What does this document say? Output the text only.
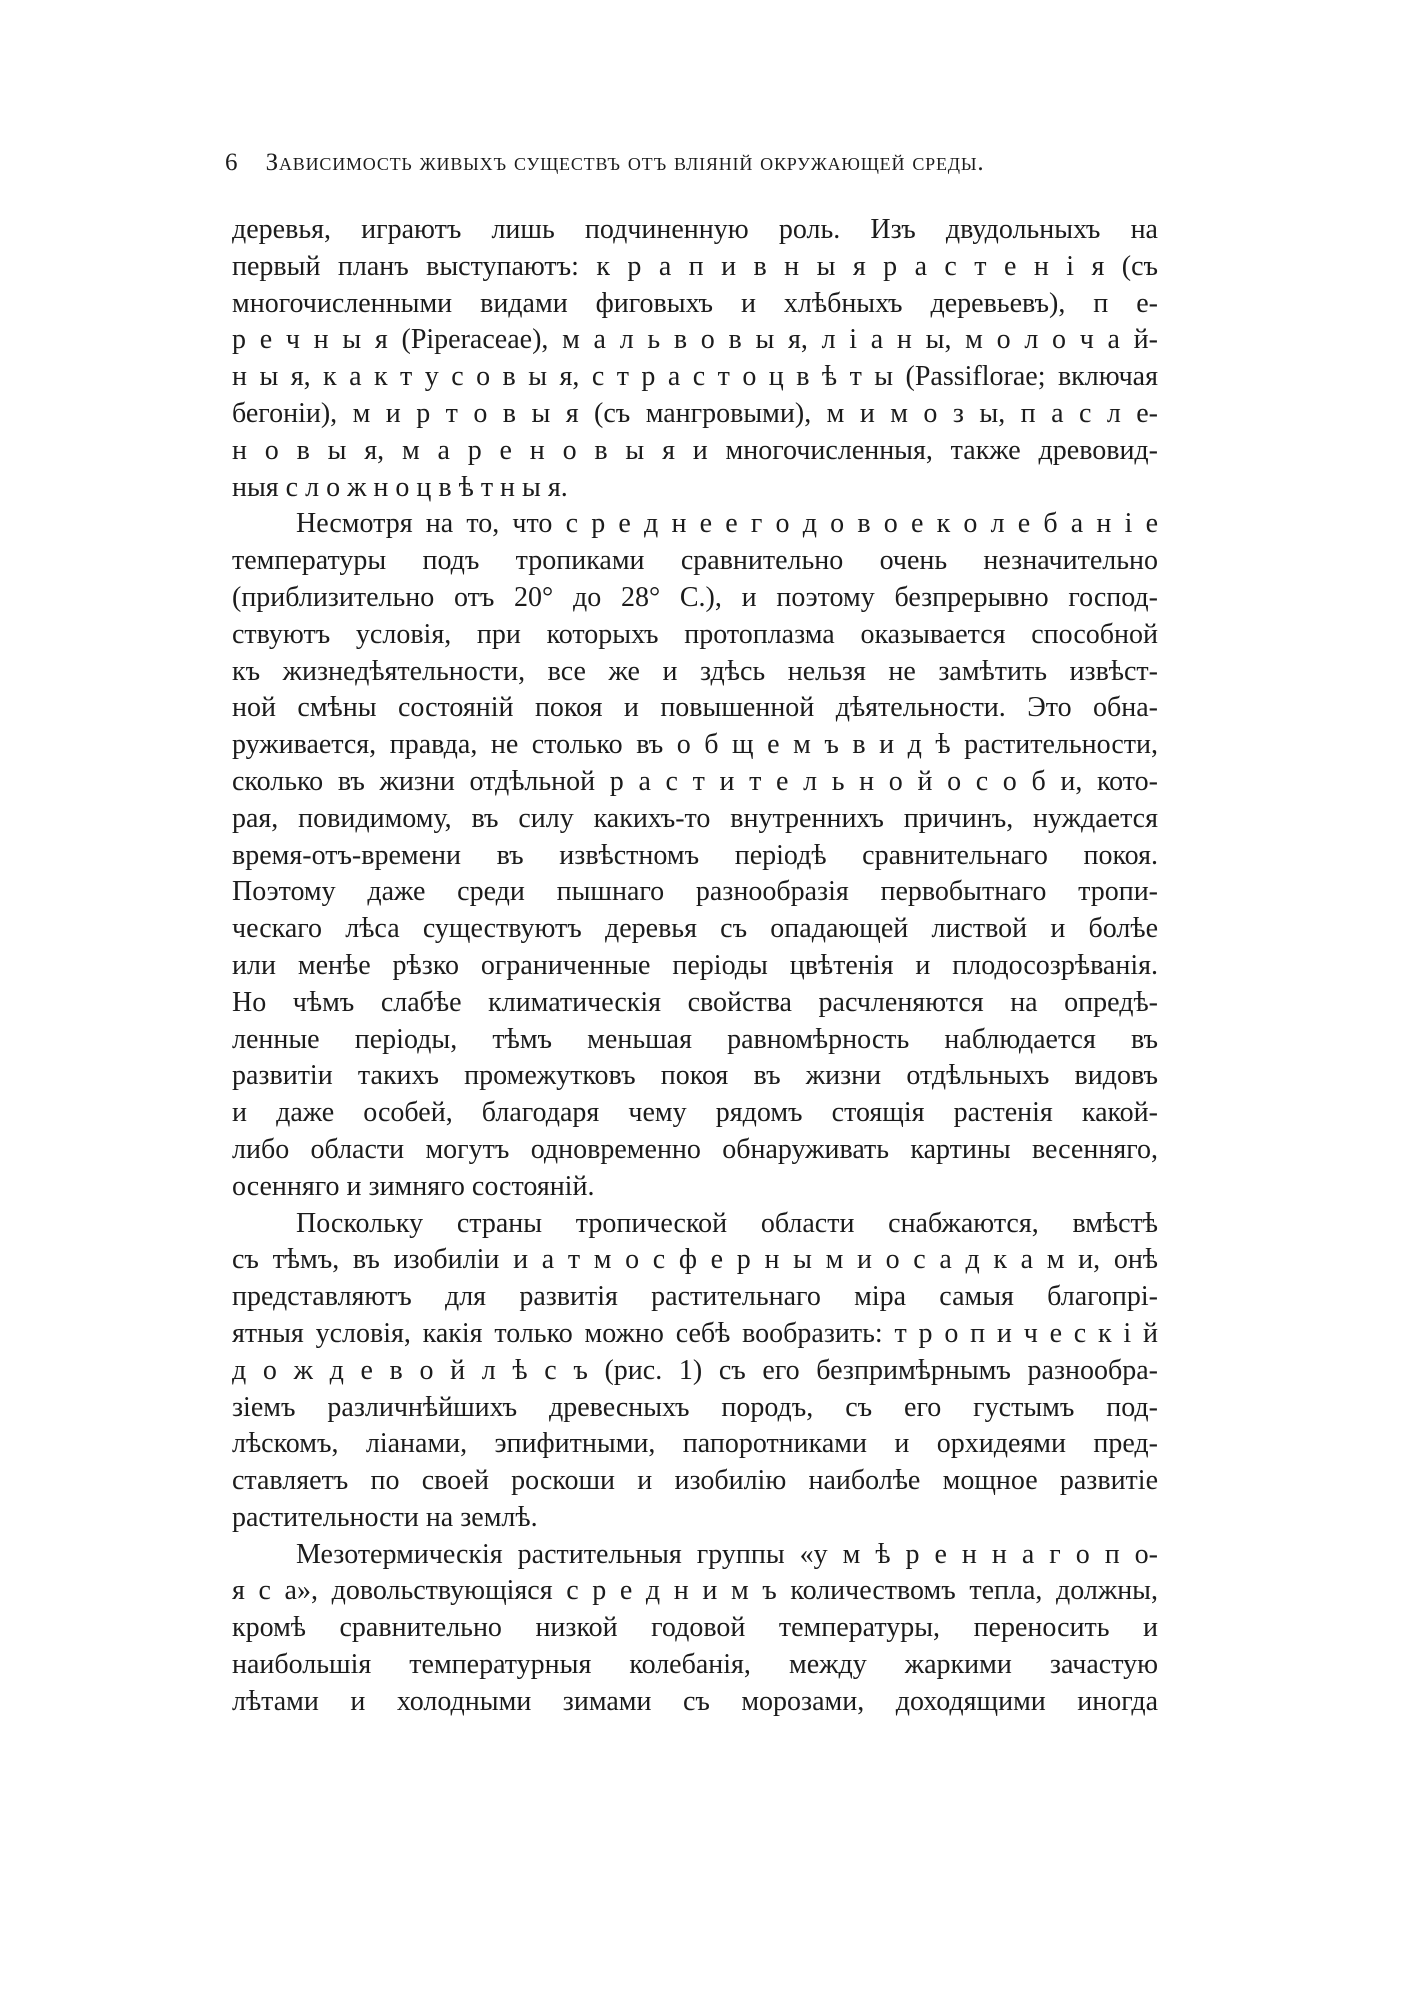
6 Зависимость живыхъ существъ отъ влiянiй окружающей среды.
деревья, играютъ лишь подчиненную роль. Изъ двудольныхъ на
первый планъ выступаютъ: к р а п и в н ы я р а с т е н і я (съ
многочисленными видами фиговыхъ и хлѣбныхъ деревьевъ), п е-
р е ч н ы я (Piperaceae), м а л ь в о в ы я, л і а н ы, м о л о ч а й-
н ы я, к а к т у с о в ы я, с т р а с т о ц в ѣ т ы (Passiflorae; включая
бегоніи), м и р т о в ы я (съ мангровыми), м и м о з ы, п а с л е-
н о в ы я, м а р е н о в ы я и многочисленныя, также древовид-
ныя с л о ж н о ц в ѣ т н ы я.
Несмотря на то, что с р е д н е е г о д о в о е к о л е б а н і е
температуры подъ тропиками сравнительно очень незначительно
(приблизительно отъ 20° до 28° С.), и поэтому безпрерывно господ-
ствуютъ условія, при которыхъ протоплазма оказывается способной
къ жизнедѣятельности, все же и здѣсь нельзя не замѣтить извѣст-
ной смѣны состояній покоя и повышенной дѣятельности. Это обна-
руживается, правда, не столько въ о б щ е м ъ в и д ѣ растительности,
сколько въ жизни отдѣльной р а с т и т е л ь н о й о с о б и, кото-
рая, повидимому, въ силу какихъ-то внутреннихъ причинъ, нуждается
время-отъ-времени въ извѣстномъ періодѣ сравнительнаго покоя.
Поэтому даже среди пышнаго разнообразія первобытнаго тропи-
ческаго лѣса существуютъ деревья съ опадающей листвой и болѣе
или менѣе рѣзко ограниченные періоды цвѣтенія и плодосозрѣванія.
Но чѣмъ слабѣе климатическія свойства расчленяются на опредѣ-
ленные періоды, тѣмъ меньшая равномѣрность наблюдается въ
развитіи такихъ промежутковъ покоя въ жизни отдѣльныхъ видовъ
и даже особей, благодаря чему рядомъ стоящія растенія какой-
либо области могутъ одновременно обнаруживать картины весенняго,
осенняго и зимняго состояній.
Поскольку страны тропической области снабжаются, вмѣстѣ
съ тѣмъ, въ изобиліи и а т м о с ф е р н ы м и о с а д к а м и, онѣ
представляютъ для развитія растительнаго міра самыя благопрі-
ятныя условія, какія только можно себѣ вообразить: т р о п и ч е с к і й
д о ж д е в о й л ѣ с ъ (рис. 1) съ его безпримѣрнымъ разнообра-
зіемъ различнѣйшихъ древесныхъ породъ, съ его густымъ под-
лѣскомъ, ліанами, эпифитными, папоротниками и орхидеями пред-
ставляетъ по своей роскоши и изобилію наиболѣе мощное развитіе
растительности на землѣ.
Мезотермическія растительныя группы «у м ѣ р е н н а г о п о-
я с а», довольствующіяся с р е д н и м ъ количествомъ тепла, должны,
кромѣ сравнительно низкой годовой температуры, переносить и
наибольшія температурныя колебанія, между жаркими зачастую
лѣтами и холодными зимами съ морозами, доходящими иногда
